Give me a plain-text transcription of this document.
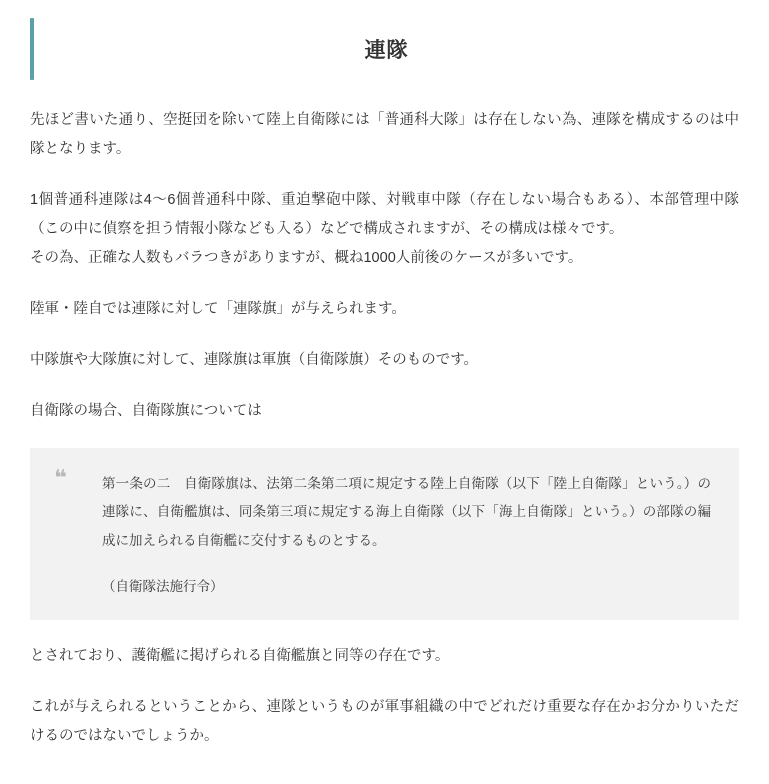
連隊

先ほど書いた通り、空挺団を除いて陸上自衛隊には「普通科大隊」は存在しない為、連隊を構成するのは中隊となります。

1個普通科連隊は4〜6個普通科中隊、重迫撃砲中隊、対戦車中隊（存在しない場合もある）、本部管理中隊（この中に偵察を担う情報小隊なども入る）などで構成されますが、その構成は様々です。
その為、正確な人数もバラつきがありますが、概ね1000人前後のケースが多いです。

陸軍・陸自では連隊に対して「連隊旗」が与えられます。

中隊旗や大隊旗に対して、連隊旗は軍旗（自衛隊旗）そのものです。

自衛隊の場合、自衛隊旗については

❝	第一条の二　自衛隊旗は、法第二条第二項に規定する陸上自衛隊（以下「陸上自衛隊」という。）の連隊に、自衛艦旗は、同条第三項に規定する海上自衛隊（以下「海上自衛隊」という。）の部隊の編成に加えられる自衛艦に交付するものとする。
（自衛隊法施行令）

とされており、護衛艦に掲げられる自衛艦旗と同等の存在です。

これが与えられるということから、連隊というものが軍事組織の中でどれだけ重要な存在かお分かりいただけるのではないでしょうか。
